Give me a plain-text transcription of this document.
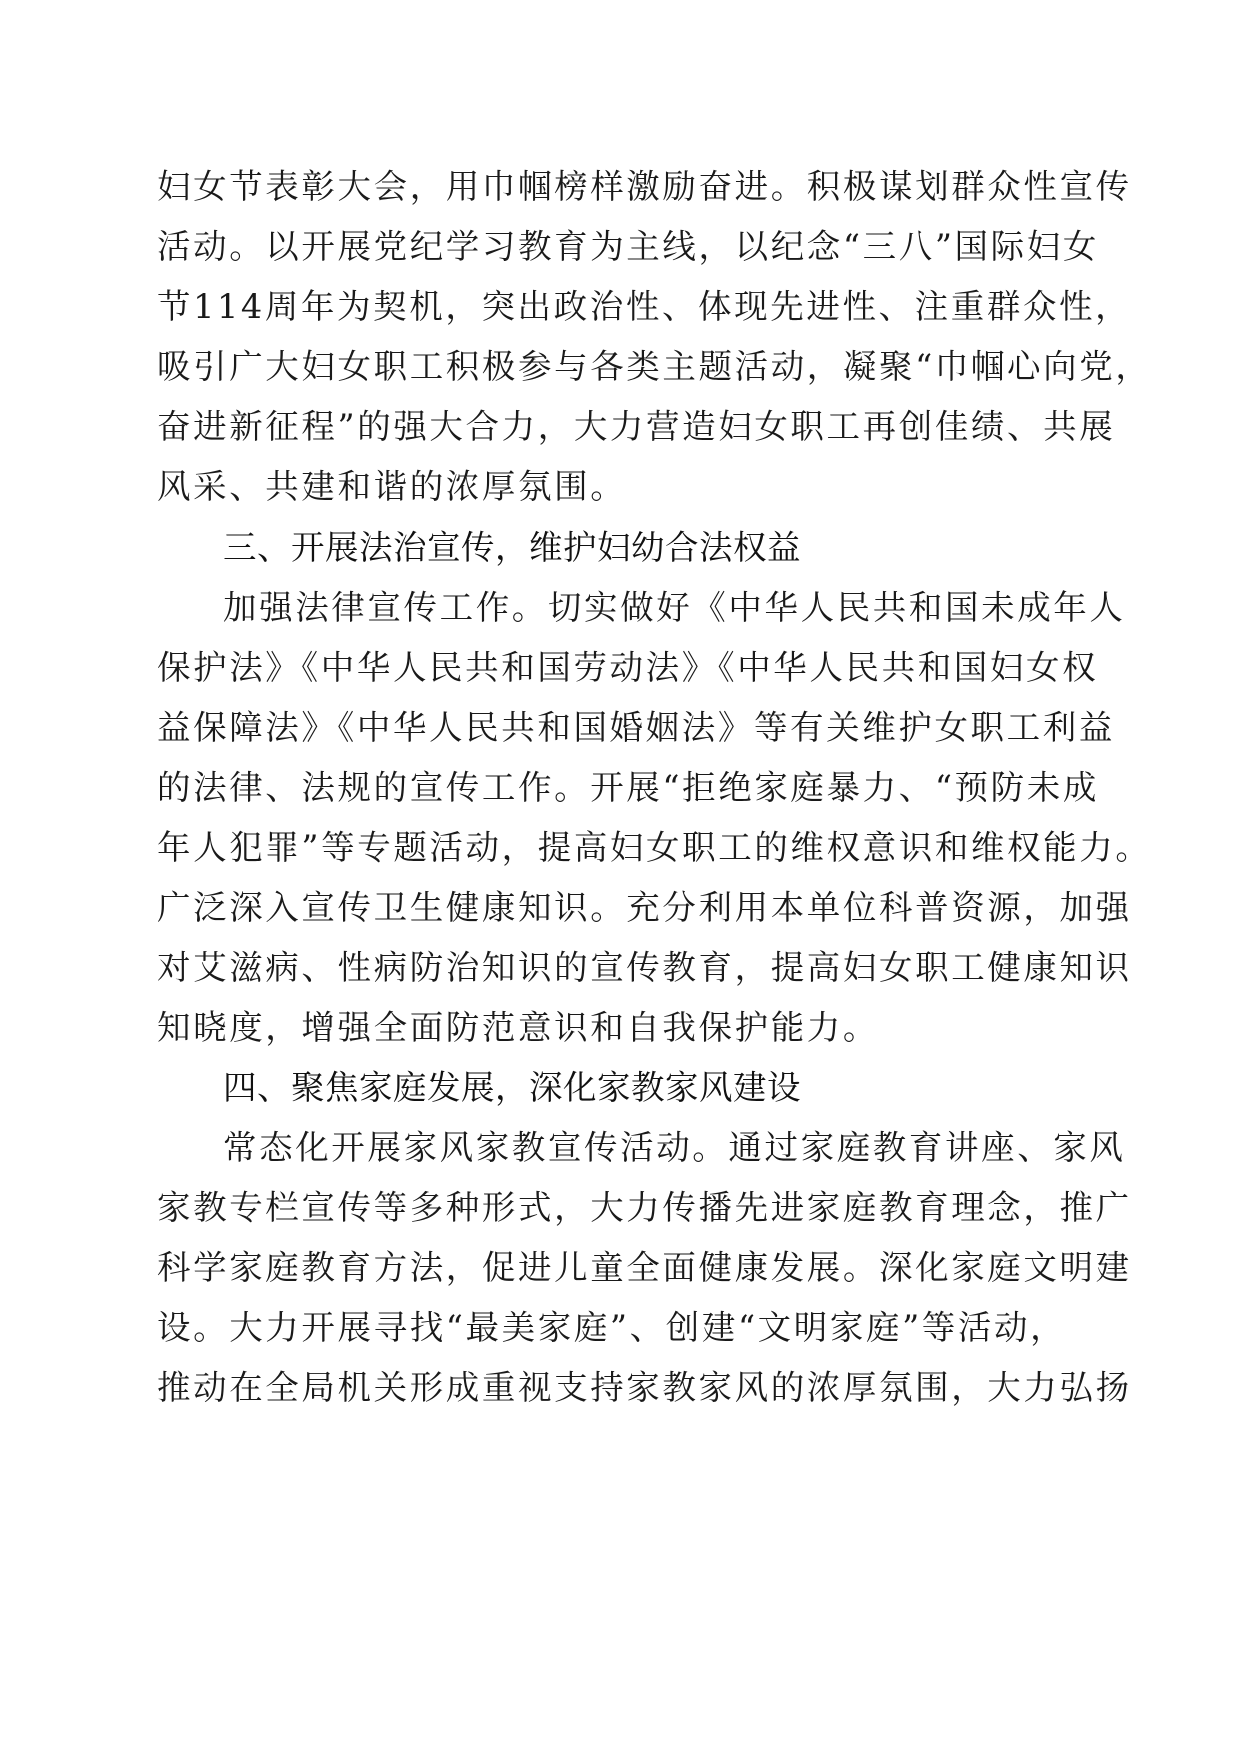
妇女节表彰大会，用巾帼榜样激励奋进。积极谋划群众性宣传
活动。以开展党纪学习教育为主线，以纪念“三八”国际妇女
节114周年为契机，突出政治性、体现先进性、注重群众性，
吸引广大妇女职工积极参与各类主题活动，凝聚“巾帼心向党，
奋进新征程”的强大合力，大力营造妇女职工再创佳绩、共展
风采、共建和谐的浓厚氛围。
三、开展法治宣传，维护妇幼合法权益
加强法律宣传工作。切实做好《中华人民共和国未成年人
保护法》《中华人民共和国劳动法》《中华人民共和国妇女权
益保障法》《中华人民共和国婚姻法》等有关维护女职工利益
的法律、法规的宣传工作。开展“拒绝家庭暴力、“预防未成
年人犯罪”等专题活动，提高妇女职工的维权意识和维权能力。
广泛深入宣传卫生健康知识。充分利用本单位科普资源，加强
对艾滋病、性病防治知识的宣传教育，提高妇女职工健康知识
知晓度，增强全面防范意识和自我保护能力。
四、聚焦家庭发展，深化家教家风建设
常态化开展家风家教宣传活动。通过家庭教育讲座、家风
家教专栏宣传等多种形式，大力传播先进家庭教育理念，推广
科学家庭教育方法，促进儿童全面健康发展。深化家庭文明建
设。大力开展寻找“最美家庭”、创建“文明家庭”等活动，
推动在全局机关形成重视支持家教家风的浓厚氛围，大力弘扬
